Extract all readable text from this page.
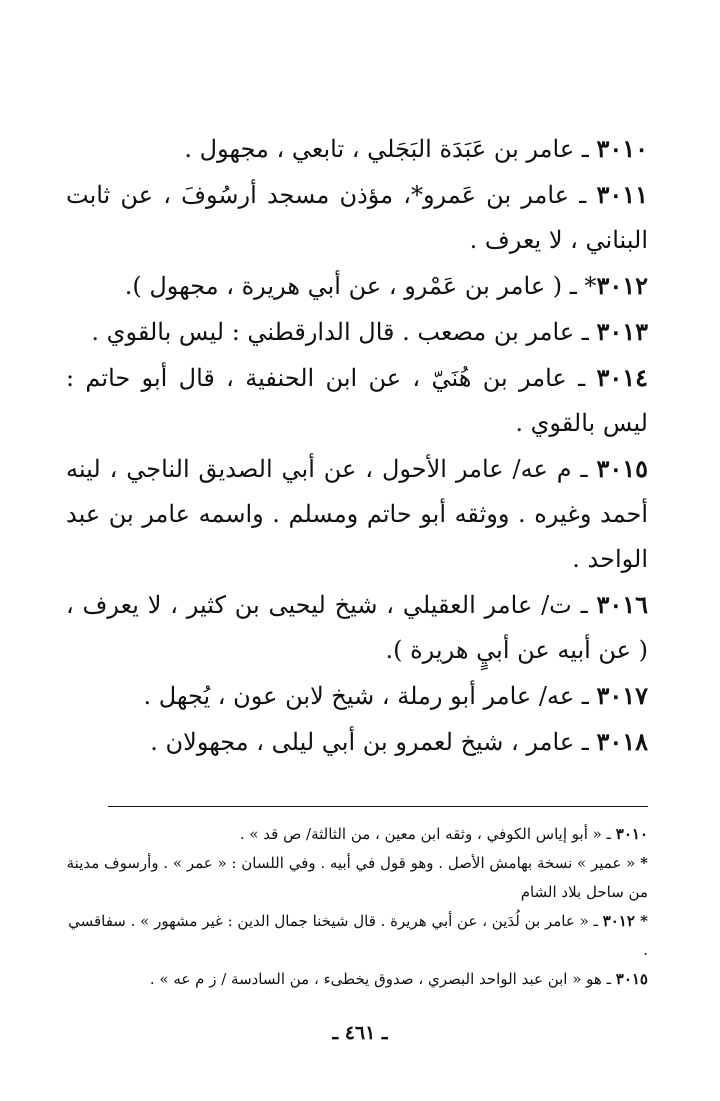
٣٠١٠ ـ عامر بن عَبَدَة البَجَلي ، تابعي ، مجهول .

٣٠١١ ـ عامر بن عَمرو*، مؤذن مسجد أرسُوفَ ، عن ثابت البناني ، لا يعرف .

٣٠١٢* ـ ( عامر بن عَمْرو ، عن أبي هريرة ، مجهول ).

٣٠١٣ ـ عامر بن مصعب . قال الدارقطني : ليس بالقوي .

٣٠١٤ ـ عامر بن هُنَيّ ، عن ابن الحنفية ، قال أبو حاتم : ليس بالقوي .

٣٠١٥ ـ م عه/ عامر الأحول ، عن أبي الصديق الناجي ، لينه أحمد وغيره . ووثقه أبو حاتم ومسلم . واسمه عامر بن عبد الواحد .

٣٠١٦ ـ ت/ عامر العقيلي ، شيخ ليحيى بن كثير ، لا يعرف ، ( عن أبيه عن أبيٍ هريرة ).

٣٠١٧ ـ عه/ عامر أبو رملة ، شيخ لابن عون ، يُجهل .

٣٠١٨ ـ عامر ، شيخ لعمرو بن أبي ليلى ، مجهولان .

٣٠١٠ ـ « أبو إياس الكوفي ، وثقه ابن معين ، من الثالثة/ ص قد » .

* « عمير » نسخة بهامش الأصل . وهو قول في أبيه . وفي اللسان : « عمر » . وأرسوف مدينة من ساحل بلاد الشام

* ٣٠١٢ ـ « عامر بن لُدَين ، عن أبي هريرة . قال شيخنا جمال الدين : غير مشهور » . سفاقسي .

٣٠١٥ ـ هو « ابن عبد الواحد البصري ، صدوق يخطىء ، من السادسة / ز م عه » .

ـ ٤٦١ ـ
